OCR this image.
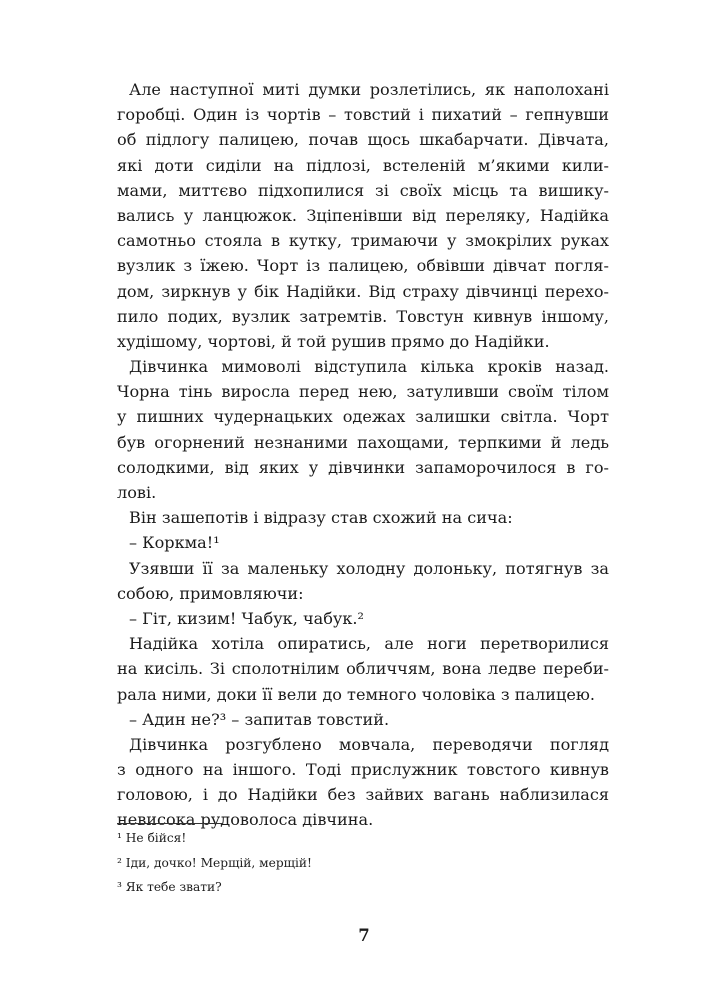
Але наступної миті думки розлетілись, як наполохані
горобці. Один із чортів – товстий і пихатий – гепнувши
об підлогу палицею, почав щось шкабарчати. Дівчата,
які доти сиділи на підлозі, встеленій м’якими кили-
мами, миттєво підхопилися зі своїх місць та вишику-
вались у ланцюжок. Зціпенівши від переляку, Надійка
самотньо стояла в кутку, тримаючи у змокрілих руках
вузлик з їжею. Чорт із палицею, обвівши дівчат погля-
дом, зиркнув у бік Надійки. Від страху дівчинці перехо-
пило подих, вузлик затремтів. Товстун кивнув іншому,
худішому, чортові, й той рушив прямо до Надійки.
Дівчинка мимоволі відступила кілька кроків назад.
Чорна тінь виросла перед нею, затуливши своїм тілом
у пишних чудернацьких одежах залишки світла. Чорт
був огорнений незнаними пахощами, терпкими й ледь
солодкими, від яких у дівчинки запаморочилося в го-
лові.
Він зашепотів і відразу став схожий на сича:
– Коркма!¹
Узявши її за маленьку холодну долоньку, потягнув за
собою, примовляючи:
– Гіт, кизим! Чабук, чабук.²
Надійка хотіла опиратись, але ноги перетворилися
на кисіль. Зі сполотнілим обличчям, вона ледве переби-
рала ними, доки її вели до темного чоловіка з палицею.
– Адин не?³ – запитав товстий.
Дівчинка розгублено мовчала, переводячи погляд
з одного на іншого. Тоді прислужник товстого кивнув
головою, і до Надійки без зайвих вагань наблизилася
невисока рудоволоса дівчина.
¹ Не бійся!
² Іди, дочко! Мерщій, мерщій!
³ Як тебе звати?
7
